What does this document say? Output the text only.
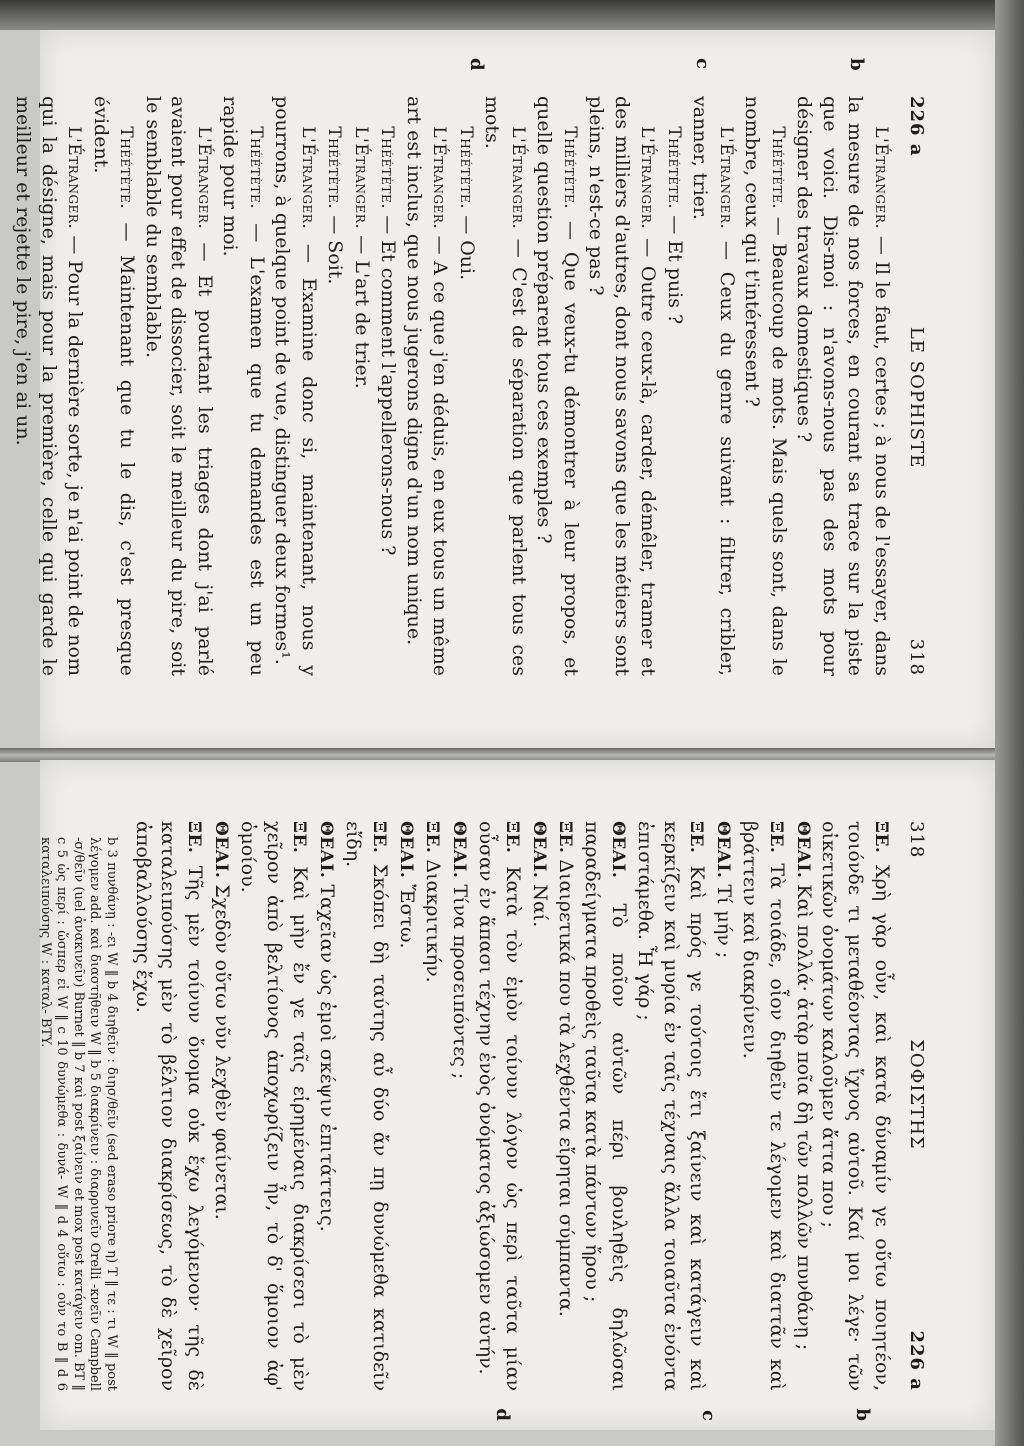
226 a
LE SOPHISTE
318
b
c
d

L'Étranger. — Il le faut, certes ; à nous de l'essayer, dans la mesure de nos forces, en courant sa trace sur la piste que voici. Dis-moi : n'avons-nous pas des mots pour désigner des travaux domestiques ?

Théétète. — Beaucoup de mots. Mais quels sont, dans le nombre, ceux qui t'intéressent ?

L'Étranger. — Ceux du genre suivant : filtrer, cribler, vanner, trier.

Théétète. — Et puis ?

L'Étranger. — Outre ceux-là, carder, démêler, tramer et des milliers d'autres, dont nous savons que les métiers sont pleins, n'est-ce pas ?

Théétète. — Que veux-tu démontrer à leur propos, et quelle question préparent tous ces exemples ?

L'Étranger. — C'est de séparation que parlent tous ces mots.

Théétète. — Oui.

L'Étranger. — A ce que j'en déduis, en eux tous un même art est inclus, que nous jugerons digne d'un nom unique.

Théétète. — Et comment l'appellerons-nous ?

L'Étranger. — L'art de trier.

Théétète. — Soit.

L'Étranger. — Examine donc si, maintenant, nous y pourrons, à quelque point de vue, distinguer deux formes¹.

Théétète. — L'examen que tu demandes est un peu rapide pour moi.

L'Étranger. — Et pourtant les triages dont j'ai parlé avaient pour effet de dissocier, soit le meilleur du pire, soit le semblable du semblable.

Théétète. — Maintenant que tu le dis, c'est presque évident.

L'Étranger. — Pour la dernière sorte, je n'ai point de nom qui la désigne, mais pour la première, celle qui garde le meilleur et rejette le pire, j'en ai un.

318
ΣΟΦΙΣΤΗΣ
226 a
b
c
d

ΞΕ. Χρὴ γὰρ οὖν, καὶ κατὰ δύναμίν γε οὕτω ποιητέον, τοιόνδε τι μεταθέοντας ἴχνος αὐτοῦ. Καί μοι λέγε· τῶν οἰκετικῶν ὀνομάτων καλοῦμεν ἄττα που ;

ΘΕΑΙ. Καὶ πολλά· ἀτὰρ ποῖα δὴ τῶν πολλῶν πυνθάνῃ ;

ΞΕ. Τὰ τοιάδε, οἷον διηθεῖν τε λέγομεν καὶ διαττᾶν καὶ βράττειν καὶ διακρίνειν.

ΘΕΑΙ. Τί μήν ;

ΞΕ. Καὶ πρός γε τούτοις ἔτι ξαίνειν καὶ κατάγειν καὶ κερκίζειν καὶ μυρία ἐν ταῖς τέχναις ἄλλα τοιαῦτα ἐνόντα ἐπιστάμεθα. Ἦ γάρ ;

ΘΕΑΙ. Τὸ ποῖον αὐτῶν πέρι βουληθεὶς δηλῶσαι παραδείγματα προθεὶς ταῦτα κατὰ πάντων ἤρου ;

ΞΕ. Διαιρετικά που τὰ λεχθέντα εἴρηται σύμπαντα.

ΘΕΑΙ. Ναί.

ΞΕ. Κατὰ τὸν ἐμὸν τοίνυν λόγον ὡς περὶ ταῦτα μίαν οὖσαν ἐν ἅπασι τέχνην ἑνὸς ὀνόματος ἀξιώσομεν αὐτήν.

ΘΕΑΙ. Τίνα προσειπόντες ;

ΞΕ. Διακριτικήν.

ΘΕΑΙ. Ἔστω.

ΞΕ. Σκόπει δὴ ταύτης αὖ δύο ἄν πῃ δυνώμεθα κατιδεῖν εἴδη.

ΘΕΑΙ. Ταχεῖαν ὡς ἐμοὶ σκέψιν ἐπιτάττεις.

ΞΕ. Καὶ μὴν ἔν γε ταῖς εἰρημέναις διακρίσεσι τὸ μὲν χεῖρον ἀπὸ βελτίονος ἀποχωρίζειν ἦν, τὸ δ' ὅμοιον ἀφ' ὁμοίου.

ΘΕΑΙ. Σχεδὸν οὕτω νῦν λεχθὲν φαίνεται.

ΞΕ. Τῆς μὲν τοίνυν ὄνομα οὐκ ἔχω λεγόμενον· τῆς δὲ καταλειπούσης μὲν τὸ βέλτιον διακρίσεως, τὸ δὲ χεῖρον ἀποβαλλούσης ἔχω.

b 3 πυνθάνῃ : -ει W ‖ b 4 διηθεῖν : διησ/θεῖν (sed eraso priore η) T ‖ τε : τι W ‖ post λέγομεν add. καὶ διαστῆθειν W ‖ b 5 διακρίνειν : διαρρινεῖν Orelli -κνεῖν Campbell -σ/θεῖν (uel ἀνακινεῖν) Burnet ‖ b 7 καὶ post ξαίνειν et mox post κατάγειν om. BT ‖ c 5 ὡς περί : ὥσπερ εἰ W ‖ c 10 δυνώμεθα : δυνά- W ‖ d 4 οὕτω : οὖν το B ‖ d 6 καταλειπούσης W : καταλ- BTY.
